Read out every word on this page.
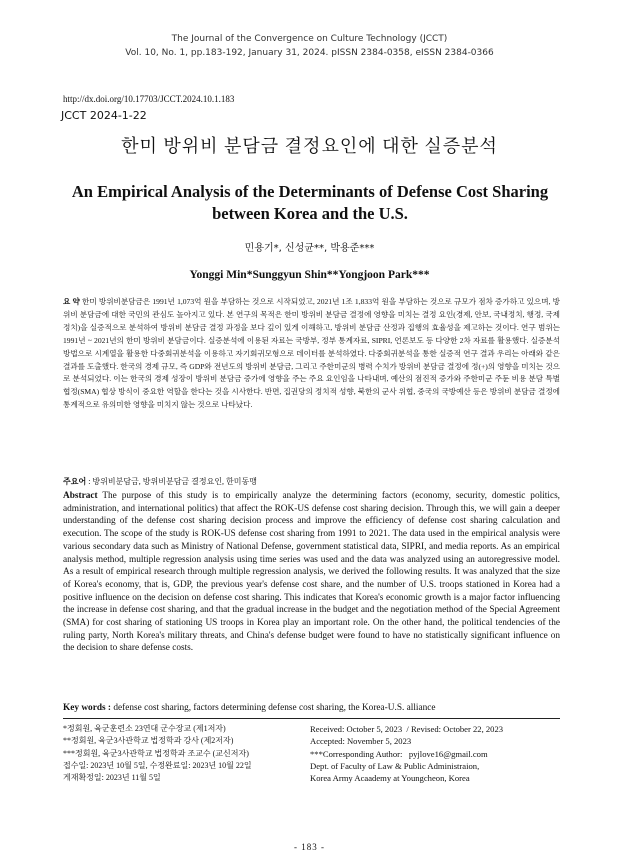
The Journal of the Convergence on Culture Technology (JCCT)
Vol. 10, No. 1, pp.183-192, January 31, 2024. pISSN 2384-0358, eISSN 2384-0366
http://dx.doi.org/10.17703/JCCT.2024.10.1.183
JCCT 2024-1-22
한미 방위비 분담금 결정요인에 대한 실증분석
An Empirical Analysis of the Determinants of Defense Cost Sharing between Korea and the U.S.
민용기*, 신성균**, 박용준***
Yonggi Min*Sunggyun Shin**Yongjoon Park***
요 약 한미 방위비분담금은 1991년 1,073억 원을 부담하는 것으로 시작되었고, 2021년 1조 1,833억 원을 부담하는 것으로 규모가 점차 증가하고 있으며, 방위비 분담금에 대한 국민의 관심도 높아지고 있다. 본 연구의 목적은 한미 방위비 분담금 결정에 영향을 미치는 결정 요인(경제, 안보, 국내정치, 행정, 국제정치)을 실증적으로 분석하여 방위비 분담금 결정 과정을 보다 깊이 있게 이해하고, 방위비 분담금 산정과 집행의 효율성을 제고하는 것이다. 연구 범위는 1991년 ~ 2021년의 한미 방위비 분담금이다. 실증분석에 이용된 자료는 국방부, 정부 통계자료, SIPRI, 언론보도 등 다양한 2차 자료를 활용했다. 실증분석 방법으로 시계열을 활용한 다중회귀분석을 이용하고 자기회귀모형으로 데이터를 분석하였다. 다중회귀분석을 통한 실증적 연구 결과 우리는 아래와 같은 결과를 도출했다. 한국의 경제 규모, 즉 GDP와 전년도의 방위비 분담금, 그리고 주한미군의 병력 수치가 방위비 분담금 결정에 정(+)의 영향을 미치는 것으로 분석되었다. 이는 한국의 경제 성장이 방위비 분담금 증가에 영향을 주는 주요 요인임을 나타내며, 예산의 점진적 증가와 주한미군 주둔 비용 분담 특별협정(SMA) 협상 방식이 중요한 역할을 한다는 것을 시사한다. 반면, 집권당의 정치적 성향, 북한의 군사 위협, 중국의 국방예산 등은 방위비 분담금 결정에 통계적으로 유의미한 영향을 미치지 않는 것으로 나타났다.
주요어 : 방위비분담금, 방위비분담금 결정요인, 한미동맹
Abstract The purpose of this study is to empirically analyze the determining factors (economy, security, domestic politics, administration, and international politics) that affect the ROK-US defense cost sharing decision. Through this, we will gain a deeper understanding of the defense cost sharing decision process and improve the efficiency of defense cost sharing calculation and execution. The scope of the study is ROK-US defense cost sharing from 1991 to 2021. The data used in the empirical analysis were various secondary data such as Ministry of National Defense, government statistical data, SIPRI, and media reports. As an empirical analysis method, multiple regression analysis using time series was used and the data was analyzed using an autoregressive model. As a result of empirical research through multiple regression analysis, we derived the following results. It was analyzed that the size of Korea's economy, that is, GDP, the previous year's defense cost share, and the number of U.S. troops stationed in Korea had a positive influence on the decision on defense cost sharing. This indicates that Korea's economic growth is a major factor influencing the increase in defense cost sharing, and that the gradual increase in the budget and the negotiation method of the Special Agreement (SMA) for cost sharing of stationing US troops in Korea play an important role. On the other hand, the political tendencies of the ruling party, North Korea's military threats, and China's defense budget were found to have no statistically significant influence on the decision to share defense costs.
Key words : defense cost sharing, factors determining defense cost sharing, the Korea-U.S. alliance
*정회원, 육군훈련소 23연대 군수장교 (제1저자)
**정회원, 육군3사관학교 법정학과 강사 (제2저자)
***정회원, 육군3사관학교 법정학과 조교수 (교신저자)
접수일: 2023년 10월 5일, 수정완료일: 2023년 10월 22일
게재확정일: 2023년 11월 5일
Received: October 5, 2023  / Revised: October 22, 2023
Accepted: November 5, 2023
***Corresponding Author:   pyjlove16@gmail.com
Dept. of Faculty of Law & Public Administraion,
Korea Army Acaademy at Youngcheon, Korea
- 183 -
